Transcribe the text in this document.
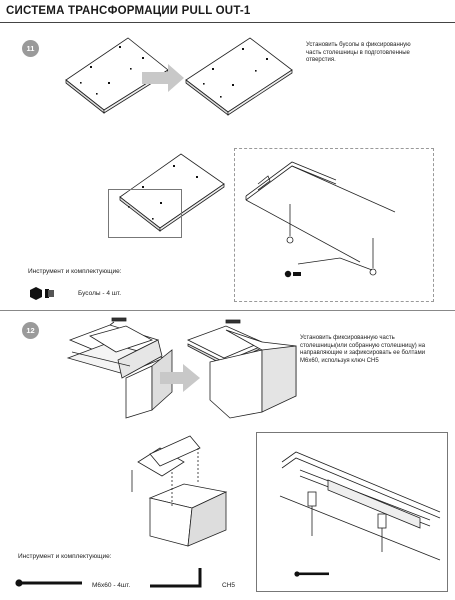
СИСТЕМА ТРАНСФОРМАЦИИ PULL OUT-1
11	Установить бусолы в фиксированную
часть столешницы в подготовленные
отверстия.
Инструмент и комплектующие:
Бусолы - 4 шт.
12
Установить фиксированную часть
столешницы(или собранную столешницу) на
направляющие и зафиксировать ее болтами
М6х60, используя ключ СН5
Инструмент и комплектующие:
М6х60 - 4шт.	СН5
